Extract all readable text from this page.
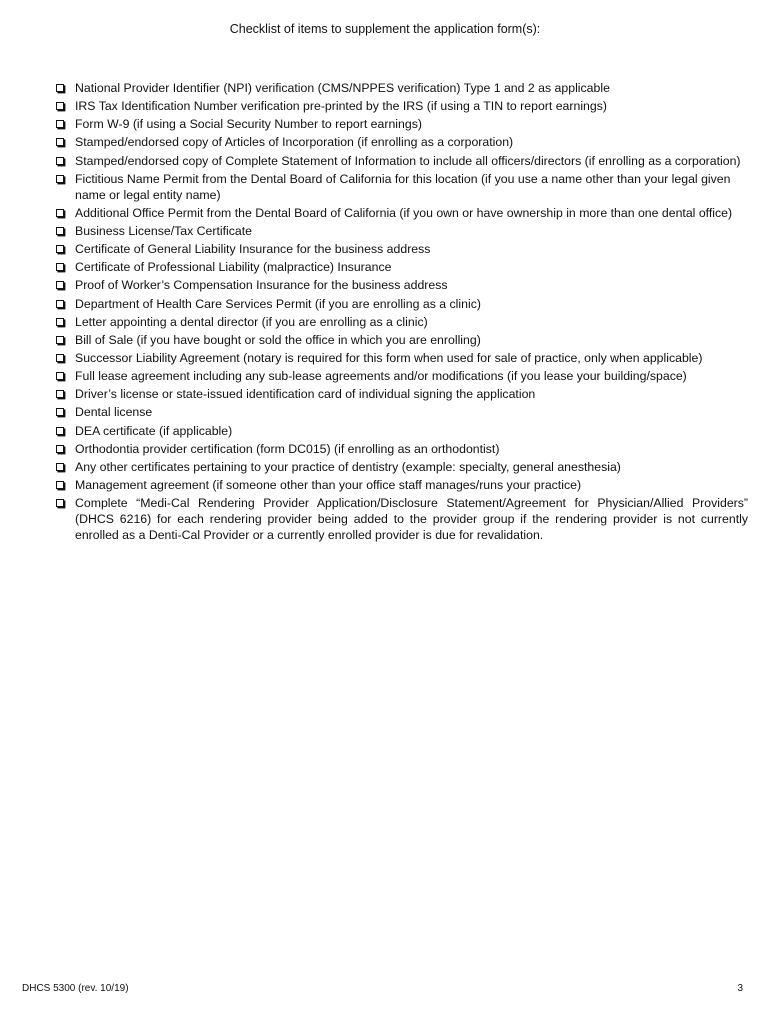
Checklist of items to supplement the application form(s):
National Provider Identifier (NPI) verification (CMS/NPPES verification) Type 1 and 2 as applicable
IRS Tax Identification Number verification pre-printed by the IRS (if using a TIN to report earnings)
Form W-9 (if using a Social Security Number to report earnings)
Stamped/endorsed copy of Articles of Incorporation (if enrolling as a corporation)
Stamped/endorsed copy of Complete Statement of Information to include all officers/directors (if enrolling as a corporation)
Fictitious Name Permit from the Dental Board of California for this location (if you use a name other than your legal given name or legal entity name)
Additional Office Permit from the Dental Board of California (if you own or have ownership in more than one dental office)
Business License/Tax Certificate
Certificate of General Liability Insurance for the business address
Certificate of Professional Liability (malpractice) Insurance
Proof of Worker’s Compensation Insurance for the business address
Department of Health Care Services Permit (if you are enrolling as a clinic)
Letter appointing a dental director (if you are enrolling as a clinic)
Bill of Sale (if you have bought or sold the office in which you are enrolling)
Successor Liability Agreement (notary is required for this form when used for sale of practice, only when applicable)
Full lease agreement including any sub-lease agreements and/or modifications (if you lease your building/space)
Driver’s license or state-issued identification card of individual signing the application
Dental license
DEA certificate (if applicable)
Orthodontia provider certification (form DC015) (if enrolling as an orthodontist)
Any other certificates pertaining to your practice of dentistry (example: specialty, general anesthesia)
Management agreement (if someone other than your office staff manages/runs your practice)
Complete “Medi-Cal Rendering Provider Application/Disclosure Statement/Agreement for Physician/Allied Providers” (DHCS 6216) for each rendering provider being added to the provider group if the rendering provider is not currently enrolled as a Denti-Cal Provider or a currently enrolled provider is due for revalidation.
DHCS 5300 (rev. 10/19)	3
